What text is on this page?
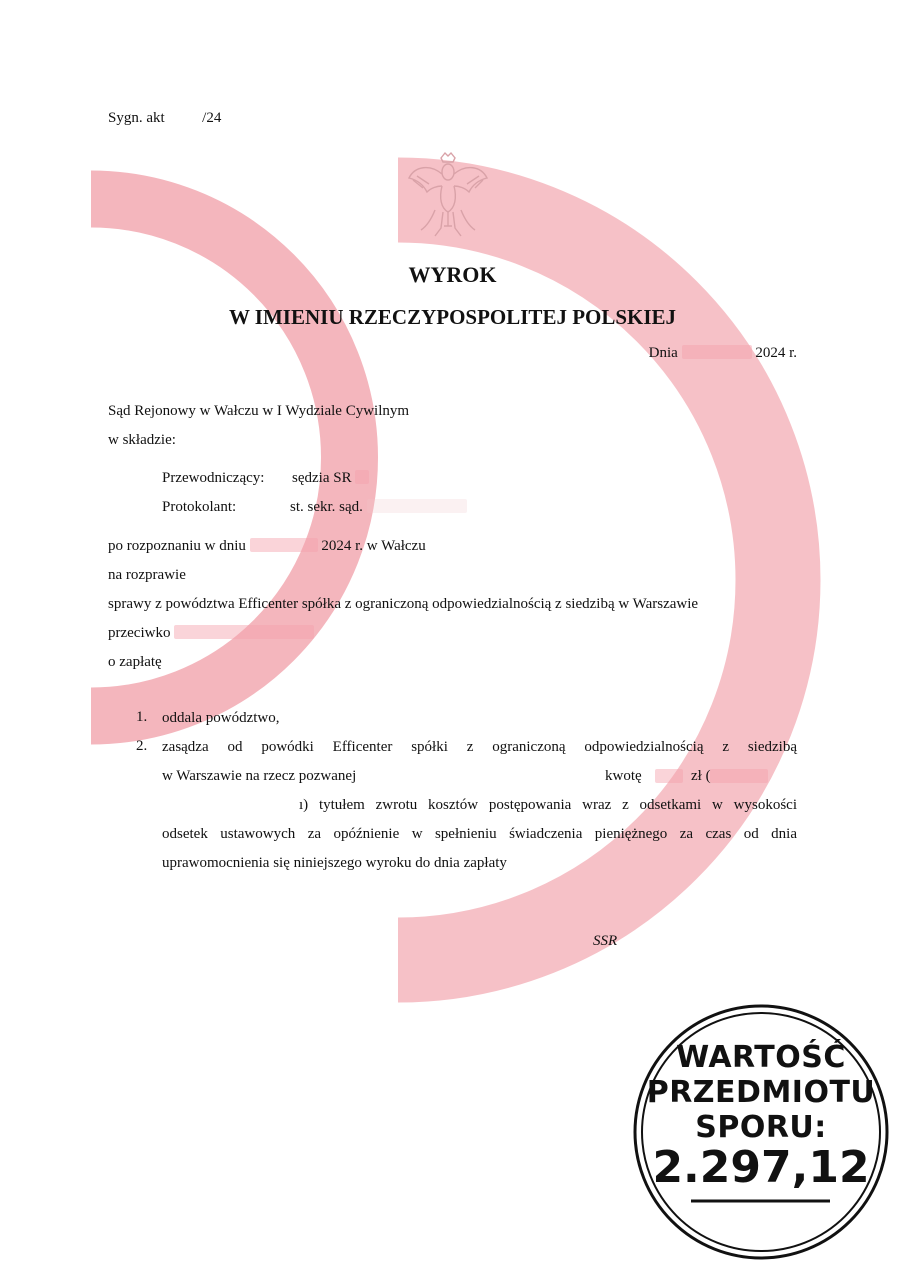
Sygn. akt	/24
WYROK
W IMIENIU RZECZYPOSPOLITEJ POLSKIEJ
Dnia	2024 r.
Sąd Rejonowy w Wałczu w I Wydziale Cywilnym
w składzie:
Przewodniczący: sędzia SR
Protokolant:	st. sekr. sąd.
po rozpoznaniu w dniu	2024 r. w Wałczu
na rozprawie
sprawy z powództwa Efficenter spółka z ograniczoną odpowiedzialnością z siedzibą w Warszawie
przeciwko
o zapłatę
1. oddala powództwo,
2. zasądza od powódki Efficenter spółki z ograniczoną odpowiedzialnością z siedzibą
w Warszawie na rzecz pozwanej	kwotę	zł (
ı) tytułem zwrotu kosztów postępowania wraz z odsetkami w wysokości
odsetek ustawowych za opóźnienie w spełnieniu świadczenia pieniężnego za czas od dnia
uprawomocnienia się niniejszego wyroku do dnia zapłaty
SSR
WARTOŚĆ
PRZEDMIOTU
SPORU:
2.297,12
